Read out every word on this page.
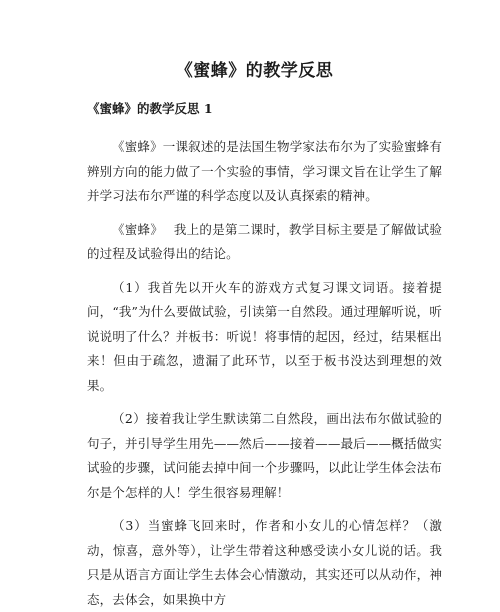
《蜜蜂》的教学反思
《蜜蜂》的教学反思 1

《蜜蜂》一课叙述的是法国生物学家法布尔为了实验蜜蜂有辨别方向的能力做了一个实验的事情，学习课文旨在让学生了解并学习法布尔严谨的科学态度以及认真探索的精神。

《蜜蜂》　 我上的是第二课时，教学目标主要是了解做试验的过程及试验得出的结论。

（1）我首先以开火车的游戏方式复习课文词语。接着提问，“我”为什么要做试验，引读第一自然段。通过理解听说，听说说明了什么？并板书：听说！将事情的起因，经过，结果框出来！但由于疏忽，遗漏了此环节，以至于板书没达到理想的效果。

（2）接着我让学生默读第二自然段，画出法布尔做试验的句子，并引导学生用先——然后——接着——最后——概括做实试验的步骤，试问能去掉中间一个步骤吗，以此让学生体会法布尔是个怎样的人！学生很容易理解！

（3）当蜜蜂飞回来时，作者和小女儿的心情怎样？（激动，惊喜，意外等），让学生带着这种感受读小女儿说的话。我只是从语言方面让学生去体会心情激动，其实还可以从动作，神态，去体会，如果换中方
